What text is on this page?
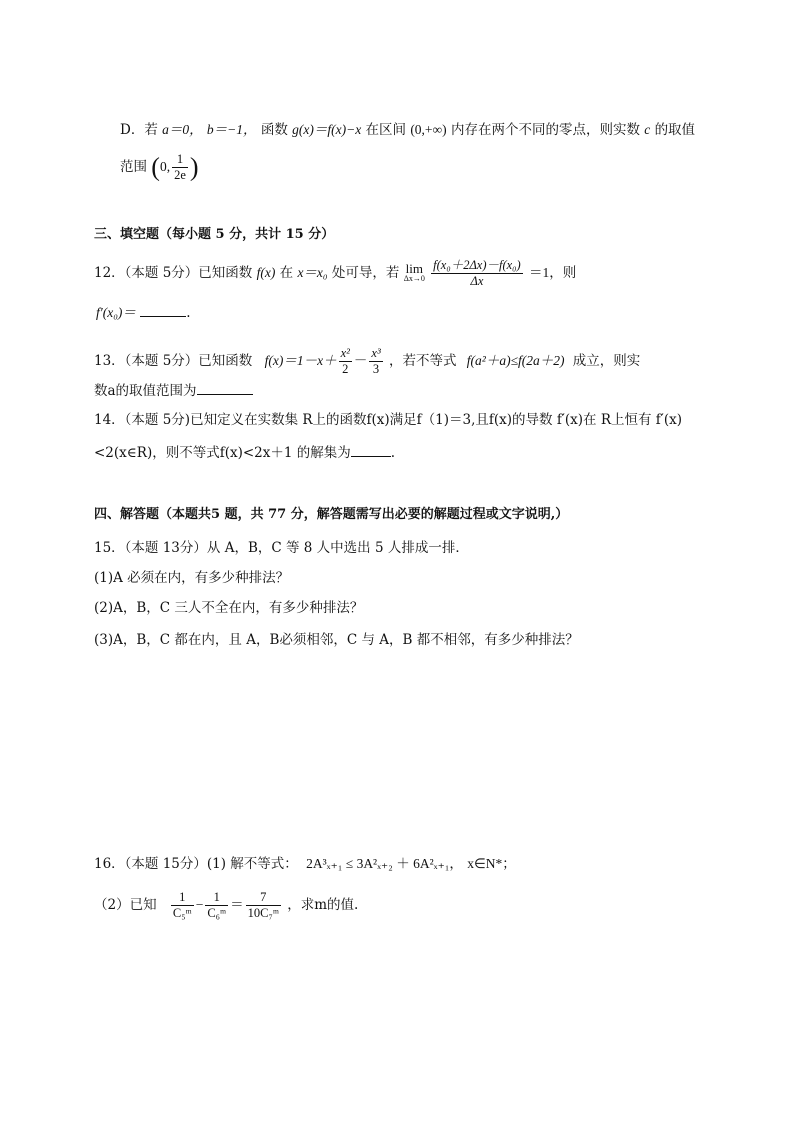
D．若 a＝0， b＝−1， 函数 g(x)＝f(x)−x 在区间 (0,+∞) 内存在两个不同的零点，则实数 c 的取值
范围 (0, $\frac{1}{2e}$ )
三、填空题（每小题 5 分，共计 15 分）
12．（本题 5分）已知函数 f(x) 在 x＝x₀ 处可导，若 lim
Δx→0
$\frac{\text{f(x₀＋2Δx)－f(x₀)}}{\Delta x} =1$，则
f′(x₀)＝	.
13．（本题 5分）已知函数 $f(x)=1-x+ \frac{\text{x²}}{2} - \frac{\text{x³}}{3}$ ，若不等式 f(a²＋a)≤f(2a＋2) 成立，则实
数a的取值范围为
14．（本题 5分)已知定义在实数集 R上的函数f(x)满足f（1)＝3,且f(x)的导数 f′(x)在 R上恒有 f′(x)
<2(x∈R)，则不等式f(x)<2x＋1 的解集为	.
四、解答题（本题共5 题，共 77 分，解答题需写出必要的解题过程或文字说明,）
15．（本题 13分）从 A，B，C 等 8 人中选出 5 人排成一排．
(1)A 必须在内，有多少种排法？
(2)A，B，C 三人不全在内，有多少种排法？
(3)A，B，C 都在内，且 A，B必须相邻，C 与 A，B 都不相邻，有多少种排法？
16．（本题 15分）(1) 解不等式： 2A³ₓ₊₁ ≤ 3A²ₓ₊₂ ＋ 6A²ₓ₊₁， x∈N*；
（2）已知 $\frac{1}{\text{C₅ᵐ}} - \frac{1}{\text{C₆ᵐ}} = \frac{7}{\text{10C₇ᵐ}}$ ，求m的值.
